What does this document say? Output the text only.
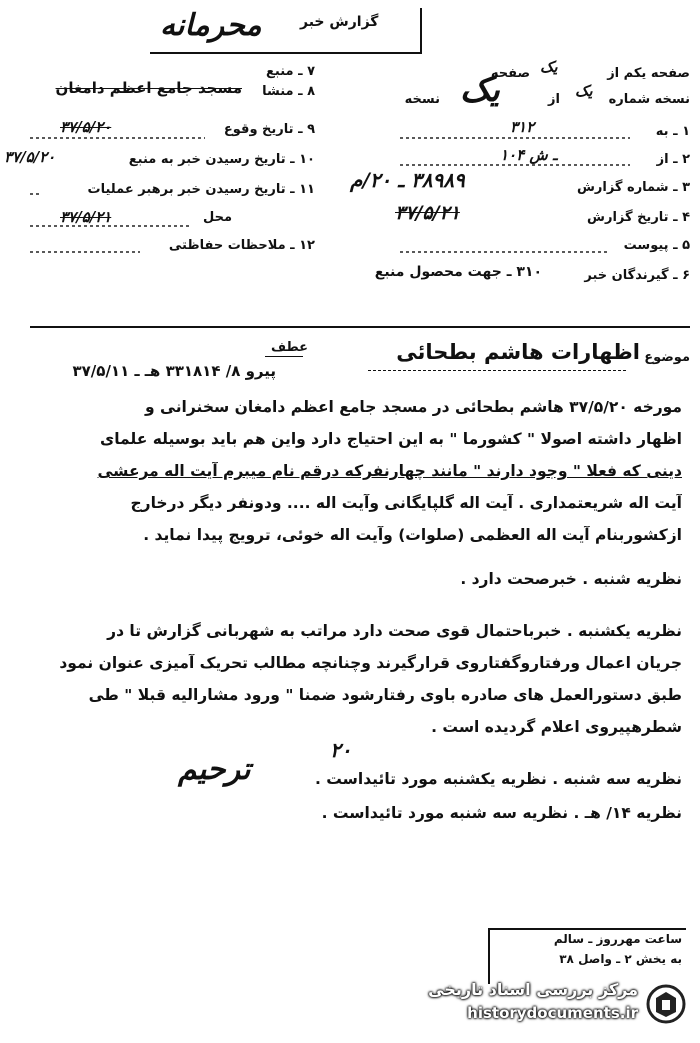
محرمانه	گزارش خبر
۷ ـ منبع
۸ ـ منشا
مسجد جامع اعظم دامغان
۹ ـ تاریخ وقوع
۳۷/۵/۲۰
۱۰ ـ تاریخ رسیدن خبر به منبع
۳۷/۵/۲۰
۱۱ ـ تاریخ رسیدن خبر برهبر عملیات
محل
۳۷/۵/۲۱
۱۲ ـ ملاحظات حفاظتی
صفحه یکم از
یک
صفحه
نسخه شماره
یک
از
یک
نسخه
۱ ـ به
۳۱۲
۲ ـ از
۱۰۴ ـ ش
۳ ـ شماره گزارش
۳۸۹۸۹ ـ ۲۰/م
۴ ـ تاریخ گزارش
۳۷/۵/۲۱
۵ ـ پیوست
۶ ـ گیرندگان خبر
۳۱۰ ـ جهت محصول منبع
موضوع
اظهارات هاشم بطحائی
عطف
پیرو ۸/ ۳۳۱۸۱۴ هـ ـ ۳۷/۵/۱۱
مورخه ۳۷/۵/۲۰ هاشم بطحائی در مسجد جامع اعظم دامغان سخنرانی و
اظهار داشته اصولا " کشورما " به این احتیاج دارد واین هم باید بوسیله علمای
دینی که فعلا " وجود دارند " مانند چهارنفرکه درقم نام میبرم آیت اله مرعشی
آیت اله شریعتمداری . آیت اله گلپایگانی وآیت اله .... ودونفر دیگر درخارج
ازکشوربنام آیت اله العظمی (صلوات) وآیت اله خوئی، ترویج پیدا نماید .
نظریه شنبه . خبرصحت دارد .
نظریه یکشنبه . خبرباحتمال قوی صحت دارد مراتب به شهربانی گزارش تا در
جریان اعمال ورفتاروگفتاروی قرارگیرند وچنانچه مطالب تحریک آمیزی عنوان نمود
طبق دستورالعمل های صادره باوی رفتارشود ضمنا " ورود مشارالیه قبلا " طی
شطرهپیروی اعلام گردیده است .
نظریه سه شنبه . نظریه یکشنبه مورد تائیداست .
نظریه ۱۴/ هـ . نظریه سه شنبه مورد تائیداست .
۲۰
ترحیم
ساعت مهرروز ـ سالم
به یخش ۲ ـ واصل ۳۸
مرکز بررسی اسناد تاریخی
historydocuments.ir
